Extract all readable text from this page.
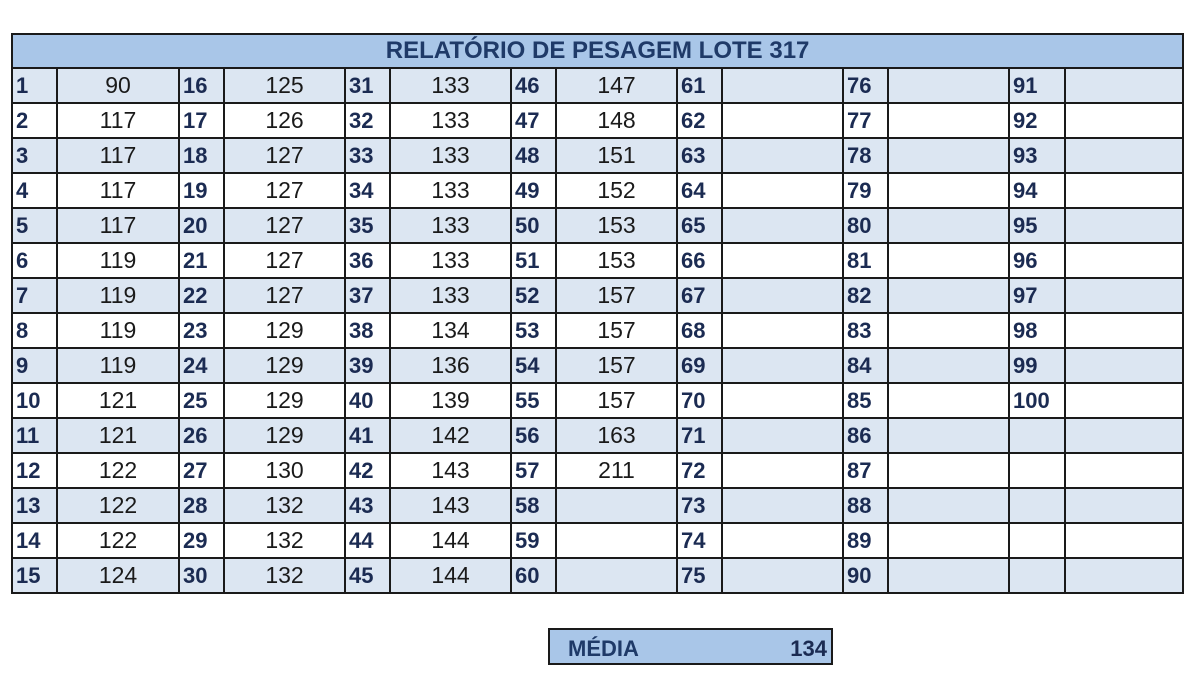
RELATÓRIO DE PESAGEM LOTE 317													
1	90	16	125	31	133	46	147	61		76		91	
2	117	17	126	32	133	47	148	62		77		92	
3	117	18	127	33	133	48	151	63		78		93	
4	117	19	127	34	133	49	152	64		79		94	
5	117	20	127	35	133	50	153	65		80		95	
6	119	21	127	36	133	51	153	66		81		96	
7	119	22	127	37	133	52	157	67		82		97	
8	119	23	129	38	134	53	157	68		83		98	
9	119	24	129	39	136	54	157	69		84		99	
10	121	25	129	40	139	55	157	70		85		100	
11	121	26	129	41	142	56	163	71		86			
12	122	27	130	42	143	57	211	72		87			
13	122	28	132	43	143	58		73		88			
14	122	29	132	44	144	59		74		89			
15	124	30	132	45	144	60		75		90			
MÉDIA	134
